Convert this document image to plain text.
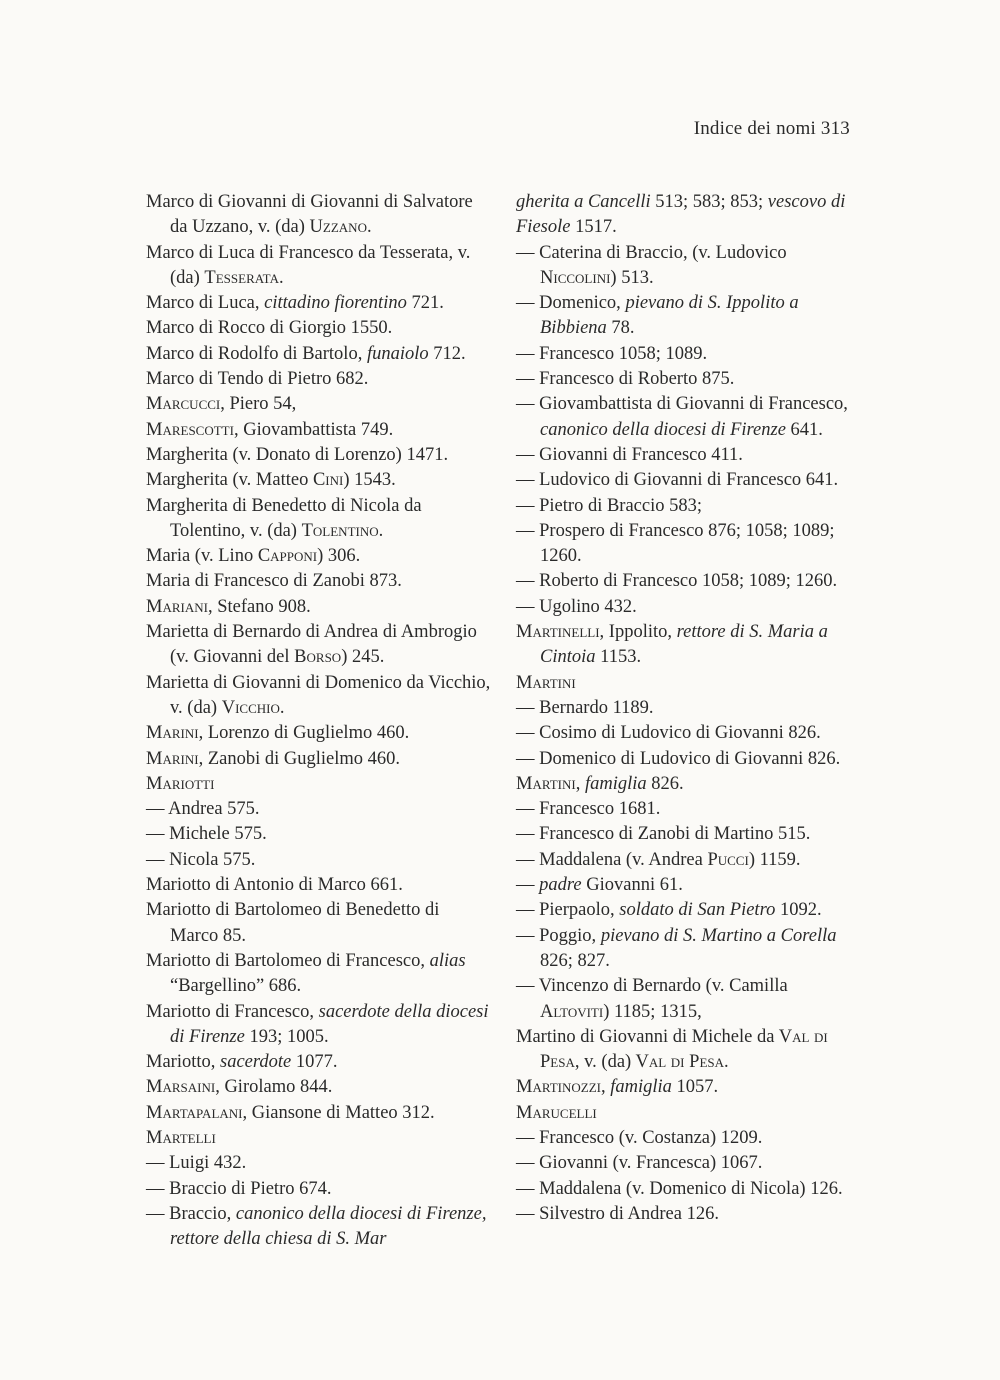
Indice dei nomi 313
Marco di Giovanni di Giovanni di Salvatore da Uzzano, v. (da) Uzzano.
Marco di Luca di Francesco da Tesserata, v. (da) Tesserata.
Marco di Luca, cittadino fiorentino 721.
Marco di Rocco di Giorgio 1550.
Marco di Rodolfo di Bartolo, funaiolo 712.
Marco di Tendo di Pietro 682.
Marcucci, Piero 54,
Marescotti, Giovambattista 749.
Margherita (v. Donato di Lorenzo) 1471.
Margherita (v. Matteo Cini) 1543.
Margherita di Benedetto di Nicola da Tolentino, v. (da) Tolentino.
Maria (v. Lino Capponi) 306.
Maria di Francesco di Zanobi 873.
Mariani, Stefano 908.
Marietta di Bernardo di Andrea di Ambrogio (v. Giovanni del Borso) 245.
Marietta di Giovanni di Domenico da Vicchio, v. (da) Vicchio.
Marini, Lorenzo di Guglielmo 460.
Marini, Zanobi di Guglielmo 460.
Mariotti
— Andrea 575.
— Michele 575.
— Nicola 575.
Mariotto di Antonio di Marco 661.
Mariotto di Bartolomeo di Benedetto di Marco 85.
Mariotto di Bartolomeo di Francesco, alias “Bargellino” 686.
Mariotto di Francesco, sacerdote della diocesi di Firenze 193; 1005.
Mariotto, sacerdote 1077.
Marsaini, Girolamo 844.
Martapalani, Giansone di Matteo 312.
Martelli
— Luigi 432.
— Braccio di Pietro 674.
— Braccio, canonico della diocesi di Firenze, rettore della chiesa di S. Mar
gherita a Cancelli 513; 583; 853; vescovo di Fiesole 1517.
— Caterina di Braccio, (v. Ludovico Niccolini) 513.
— Domenico, pievano di S. Ippolito a Bibbiena 78.
— Francesco 1058; 1089.
— Francesco di Roberto 875.
— Giovambattista di Giovanni di Francesco, canonico della diocesi di Firenze 641.
— Giovanni di Francesco 411.
— Ludovico di Giovanni di Francesco 641.
— Pietro di Braccio 583;
— Prospero di Francesco 876; 1058; 1089; 1260.
— Roberto di Francesco 1058; 1089; 1260.
— Ugolino 432.
Martinelli, Ippolito, rettore di S. Maria a Cintoia 1153.
Martini
— Bernardo 1189.
— Cosimo di Ludovico di Giovanni 826.
— Domenico di Ludovico di Giovanni 826.
Martini, famiglia 826.
— Francesco 1681.
— Francesco di Zanobi di Martino 515.
— Maddalena (v. Andrea Pucci) 1159.
— padre Giovanni 61.
— Pierpaolo, soldato di San Pietro 1092.
— Poggio, pievano di S. Martino a Corella 826; 827.
— Vincenzo di Bernardo (v. Camilla Altoviti) 1185; 1315,
Martino di Giovanni di Michele da Val di Pesa, v. (da) Val di Pesa.
Martinozzi, famiglia 1057.
Marucelli
— Francesco (v. Costanza) 1209.
— Giovanni (v. Francesca) 1067.
— Maddalena (v. Domenico di Nicola) 126.
— Silvestro di Andrea 126.
